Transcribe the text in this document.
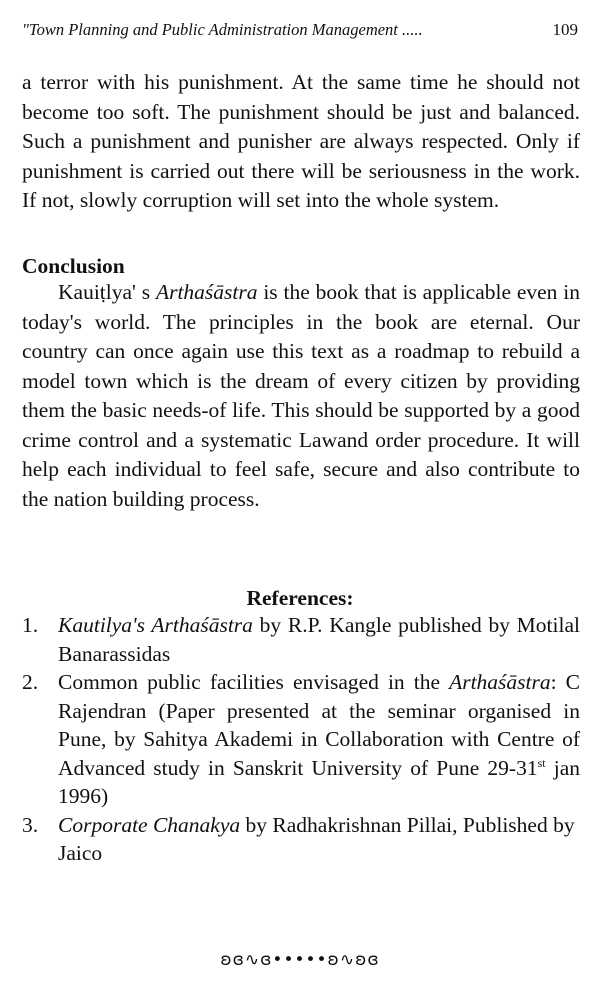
"Town Planning and Public Administration Management .....	109
a terror with his punishment. At the same time he should not become too soft. The punishment should be just and balanced. Such a punishment and punisher are always respected. Only if punishment is carried out there will be seriousness in the work. If not, slowly corruption will set into the whole system.
Conclusion
Kauiṭlya' s Arthaśāstra is the book that is applicable even in today's world. The principles in the book are eternal. Our country can once again use this text as a roadmap to rebuild a model town which is the dream of every citizen by providing them the basic needs-of life. This should be supported by a good crime control and a systematic Lawand order procedure. It will help each individual to feel safe, secure and also contribute to the nation building process.
References:
1. Kautilya's Arthaśāstra by R.P. Kangle published by Motilal Banarassidas
2. Common public facilities envisaged in the Arthaśāstra: C Rajendran (Paper presented at the seminar organised in Pune, by Sahitya Akademi in Collaboration with Centre of Advanced study in Sanskrit University of Pune 29-31st jan 1996)
3. Corporate Chanakya by Radhakrishnan Pillai, Published by Jaico
ʚɞ∿ɞ•••••ʚ∿ʚɞ
